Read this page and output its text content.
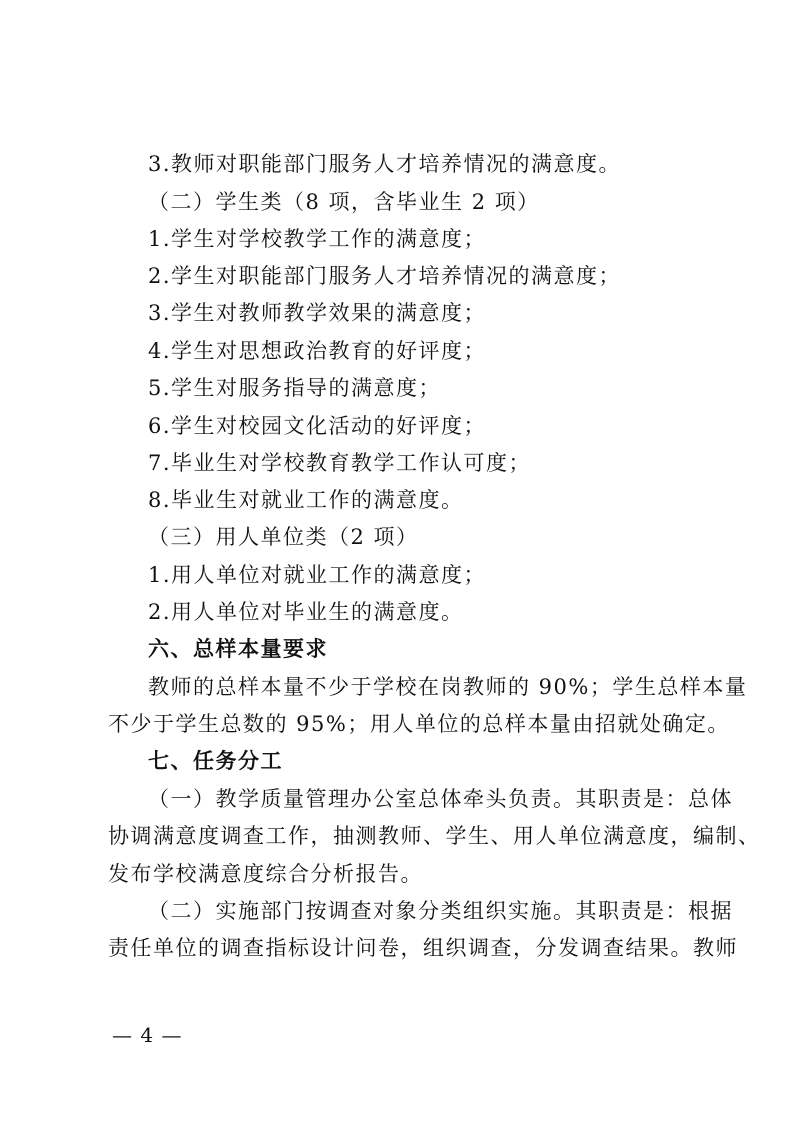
3.教师对职能部门服务人才培养情况的满意度。
（二）学生类（8 项，含毕业生 2 项）
1.学生对学校教学工作的满意度；
2.学生对职能部门服务人才培养情况的满意度；
3.学生对教师教学效果的满意度；
4.学生对思想政治教育的好评度；
5.学生对服务指导的满意度；
6.学生对校园文化活动的好评度；
7.毕业生对学校教育教学工作认可度；
8.毕业生对就业工作的满意度。
（三）用人单位类（2 项）
1.用人单位对就业工作的满意度；
2.用人单位对毕业生的满意度。
六、总样本量要求
教师的总样本量不少于学校在岗教师的 90%；学生总样本量
不少于学生总数的 95%；用人单位的总样本量由招就处确定。
七、任务分工
（一）教学质量管理办公室总体牵头负责。其职责是：总体
协调满意度调查工作，抽测教师、学生、用人单位满意度，编制、
发布学校满意度综合分析报告。
（二）实施部门按调查对象分类组织实施。其职责是：根据
责任单位的调查指标设计问卷，组织调查，分发调查结果。教师
— 4 —
